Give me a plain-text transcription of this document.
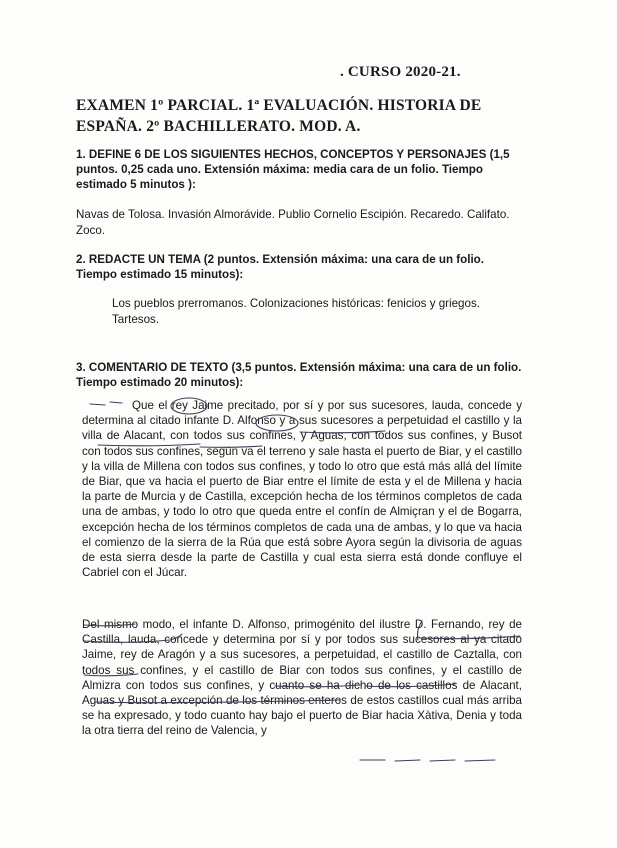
. CURSO 2020-21.
EXAMEN 1º PARCIAL. 1ª EVALUACIÓN. HISTORIA DE ESPAÑA. 2º BACHILLERATO. MOD. A.
1. DEFINE 6 DE LOS SIGUIENTES HECHOS, CONCEPTOS Y PERSONAJES (1,5 puntos. 0,25 cada uno. Extensión máxima: media cara de un folio. Tiempo estimado 5 minutos ):
Navas de Tolosa. Invasión Almorávide. Publio Cornelio Escipión. Recaredo. Califato. Zoco.
2. REDACTE UN TEMA (2 puntos. Extensión máxima: una cara de un folio. Tiempo estimado 15 minutos):
Los pueblos prerromanos. Colonizaciones históricas: fenicios y griegos. Tartesos.
3. COMENTARIO DE TEXTO (3,5 puntos. Extensión máxima: una cara de un folio. Tiempo estimado 20 minutos):
Que el rey Jaime precitado, por sí y por sus sucesores, lauda, concede y determina al citado infante D. Alfonso y a sus sucesores a perpetuidad el castillo y la villa de Alacant, con todos sus confines, y Aguas, con todos sus confines, y Busot con todos sus confines, según va el terreno y sale hasta el puerto de Biar, y el castillo y la villa de Millena con todos sus confines, y todo lo otro que está más allá del límite de Biar, que va hacia el puerto de Biar entre el límite de esta y el de Millena y hacia la parte de Murcia y de Castilla, excepción hecha de los términos completos de cada una de ambas, y todo lo otro que queda entre el confín de Almiçran y el de Bogarra, excepción hecha de los términos completos de cada una de ambas, y lo que va hacia el comienzo de la sierra de la Rúa que está sobre Ayora según la divisoria de aguas de esta sierra desde la parte de Castilla y cual esta sierra está donde confluye el Cabriel con el Júcar.
Del mismo modo, el infante D. Alfonso, primogénito del ilustre D. Fernando, rey de Castilla, lauda, concede y determina por sí y por todos sus sucesores al ya citado Jaime, rey de Aragón y a sus sucesores, a perpetuidad, el castillo de Caztalla, con todos sus confines, y el castillo de Biar con todos sus confines, y el castillo de Almizra con todos sus confines, y cuanto se ha dicho de los castillos de Alacant, Aguas y Busot a excepción de los términos enteros de estos castillos cual más arriba se ha expresado, y todo cuanto hay bajo el puerto de Biar hacia Xàtiva, Denia y toda la otra tierra del reino de Valencia, y
